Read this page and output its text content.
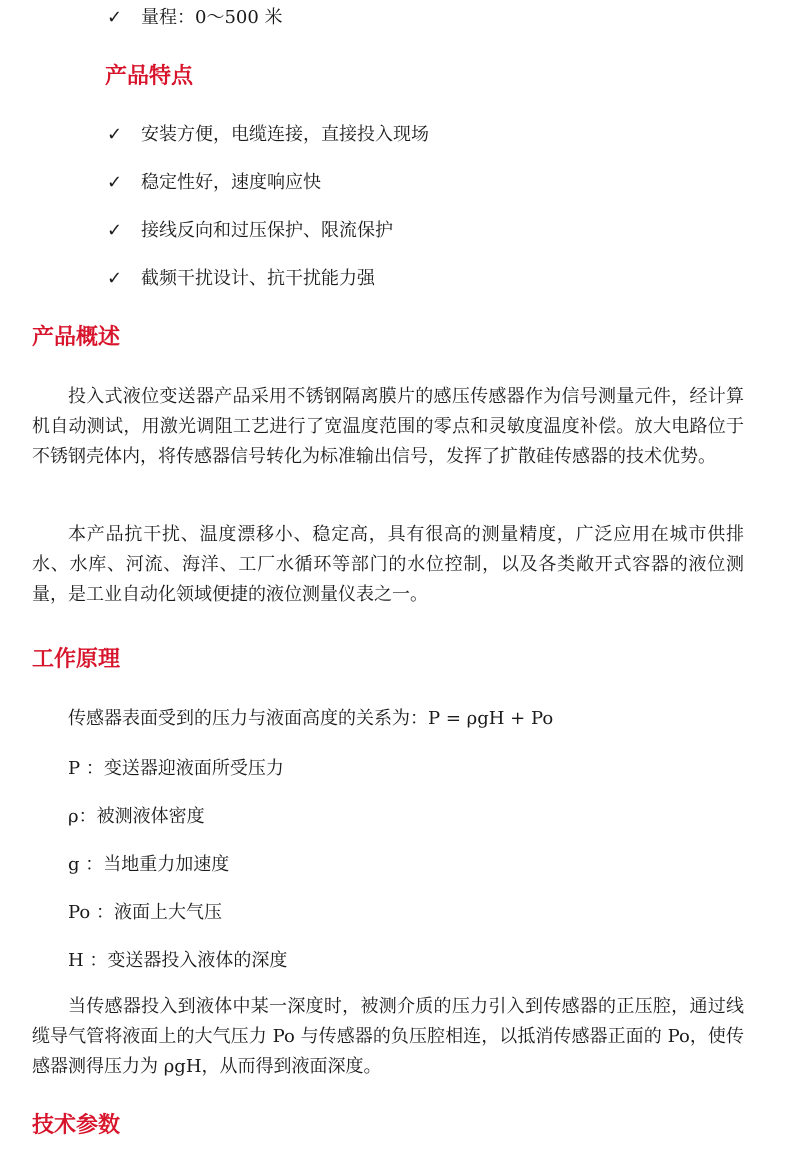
✓ 量程：0～500 米
产品特点
✓ 安装方便，电缆连接，直接投入现场
✓ 稳定性好，速度响应快
✓ 接线反向和过压保护、限流保护
✓ 截频干扰设计、抗干扰能力强
产品概述

投入式液位变送器产品采用不锈钢隔离膜片的感压传感器作为信号测量元件，经计算机自动测试，用激光调阻工艺进行了宽温度范围的零点和灵敏度温度补偿。放大电路位于不锈钢壳体内，将传感器信号转化为标准输出信号，发挥了扩散硅传感器的技术优势。

本产品抗干扰、温度漂移小、稳定高，具有很高的测量精度，广泛应用在城市供排水、水库、河流、海洋、工厂水循环等部门的水位控制，以及各类敞开式容器的液位测量，是工业自动化领域便捷的液位测量仪表之一。

工作原理
传感器表面受到的压力与液面高度的关系为：P = ρgH + Po
P ：变送器迎液面所受压力
ρ：被测液体密度
g ：当地重力加速度
Po ：液面上大气压
H ：变送器投入液体的深度

当传感器投入到液体中某一深度时，被测介质的压力引入到传感器的正压腔，通过线缆导气管将液面上的大气压力 Po 与传感器的负压腔相连，以抵消传感器正面的 Po，使传感器测得压力为 ρgH，从而得到液面深度。

技术参数
